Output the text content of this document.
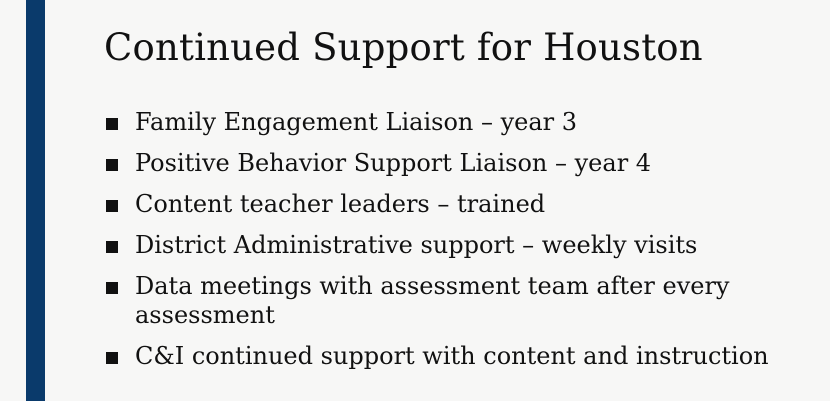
Continued Support for Houston
Family Engagement Liaison – year 3
Positive Behavior Support Liaison – year 4
Content teacher leaders – trained
District Administrative support – weekly visits
Data meetings with assessment team after every assessment
C&I continued support with content and instruction
